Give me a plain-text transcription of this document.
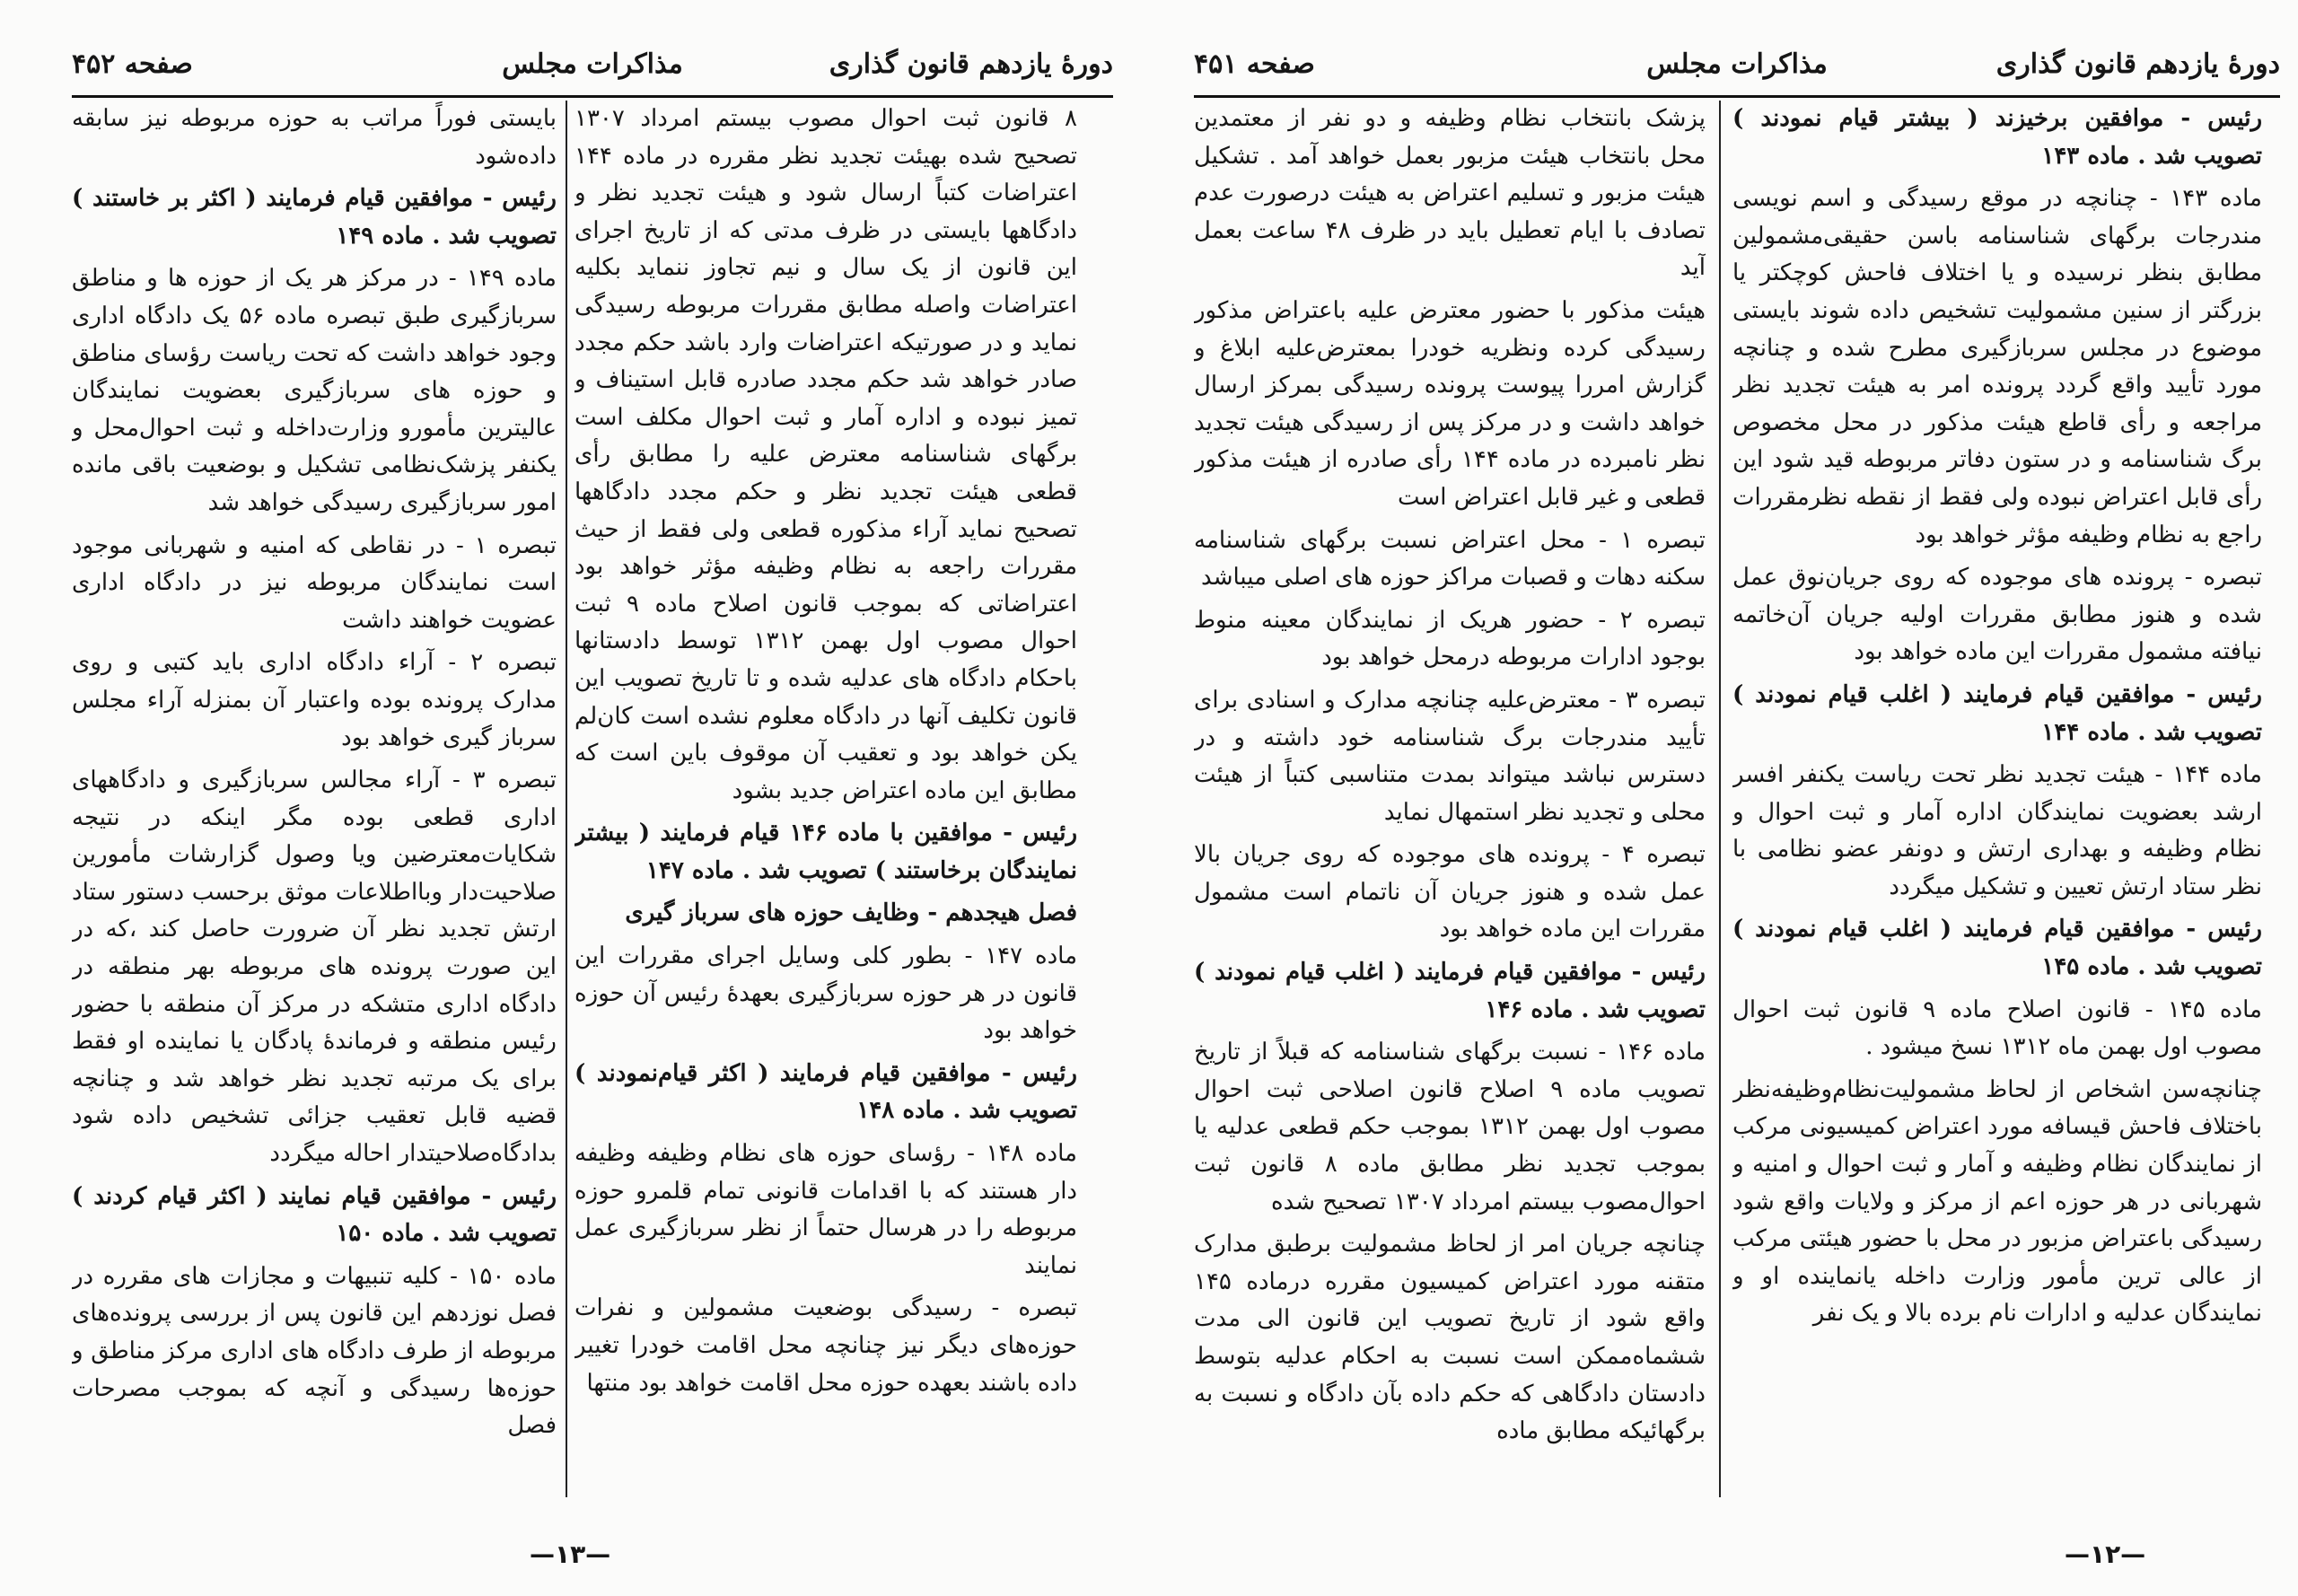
دورهٔ یازدهم قانون گذاری
مذاکرات مجلس
صفحه ۴۵۲

۸ قانون ثبت احوال مصوب بیستم امرداد ۱۳۰۷ تصحیح شده بهیئت تجدید نظر مقرره در ماده ۱۴۴ اعتراضات کتباً ارسال شود و هیئت تجدید نظر و دادگاهها بایستی در ظرف مدتی که از تاریخ اجرای این قانون از یک سال و نیم تجاوز ننماید بکلیه اعتراضات واصله مطابق مقررات مربوطه رسیدگی نماید و در صورتیکه اعتراضات وارد باشد حکم مجدد صادر خواهد شد حکم مجدد صادره قابل استیناف و تمیز نبوده و اداره آمار و ثبت احوال مکلف است برگهای شناسنامه معترض علیه را مطابق رأی قطعی هیئت تجدید نظر و حکم مجدد دادگاهها تصحیح نماید آراء مذکوره قطعی ولی فقط از حیث مقررات راجعه به نظام وظیفه مؤثر خواهد بود اعتراضاتی که بموجب قانون اصلاح ماده ۹ ثبت احوال مصوب اول بهمن ۱۳۱۲ توسط دادستانها باحکام دادگاه های عدلیه شده و تا تاریخ تصویب این قانون تکلیف آنها در دادگاه معلوم نشده است کان‌لم یکن خواهد بود و تعقیب آن موقوف باین است که مطابق این ماده اعتراض جدید بشود

رئیس - موافقین با ماده ۱۴۶ قیام فرمایند ( بیشتر نمایندگان برخاستند ) تصویب شد . ماده ۱۴۷

فصل هیجدهم - وظایف حوزه های سرباز گیری

ماده ۱۴۷ - بطور کلی وسایل اجرای مقررات این قانون در هر حوزه سربازگیری بعهدهٔ رئیس آن حوزه خواهد بود

رئیس - موافقین قیام فرمایند ( اکثر قیام‌نمودند ) تصویب شد . ماده ۱۴۸

ماده ۱۴۸ - رؤسای حوزه های نظام وظیفه وظیفه دار هستند که با اقدامات قانونی تمام قلمرو حوزه مربوطه را در هرسال حتماً از نظر سربازگیری عمل نمایند

تبصره - رسیدگی بوضعیت مشمولین و نفرات حوزه‌های دیگر نیز چنانچه محل اقامت خودرا تغییر داده باشند بعهده حوزه محل اقامت خواهد بود منتها

بایستی فوراً مراتب به حوزه مربوطه نیز سابقه داده‌شود

رئیس - موافقین قیام فرمایند ( اکثر بر خاستند ) تصویب شد . ماده ۱۴۹

ماده ۱۴۹ - در مرکز هر یک از حوزه ها و مناطق سربازگیری طبق تبصره ماده ۵۶ یک دادگاه اداری وجود خواهد داشت که تحت ریاست رؤسای مناطق و حوزه های سربازگیری بعضویت نمایندگان عالیترین مأمورو وزارت‌داخله و ثبت احوال‌محل و یکنفر پزشک‌نظامی تشکیل و بوضعیت باقی مانده امور سربازگیری رسیدگی خواهد شد

تبصره ۱ - در نقاطی که امنیه و شهربانی موجود است نمایندگان مربوطه نیز در دادگاه اداری عضویت خواهند داشت

تبصره ۲ - آراء دادگاه اداری باید کتبی و روی مدارک پرونده بوده واعتبار آن بمنزله آراء مجلس سرباز گیری خواهد بود

تبصره ۳ - آراء مجالس سربازگیری و دادگاههای اداری قطعی بوده مگر اینکه در نتیجه شکایات‌معترضین ویا وصول گزارشات مأمورین صلاحیت‌دار وبااطلاعات موثق برحسب دستور ستاد ارتش تجدید نظر آن ضرورت حاصل کند ،که در این صورت پرونده های مربوطه بهر منطقه در دادگاه اداری متشکه در مرکز آن منطقه با حضور رئیس منطقه و فرماندهٔ پادگان یا نماینده او فقط برای یک مرتبه تجدید نظر خواهد شد و چنانچه قضیه قابل تعقیب جزائی تشخیص داده شود بدادگاه‌صلاحیتدار احاله میگردد

رئیس - موافقین قیام نمایند ( اکثر قیام کردند ) تصویب شد . ماده ۱۵۰

ماده ۱۵۰ - کلیه تنبیهات و مجازات های مقرره در فصل نوزدهم این قانون پس از بررسی پرونده‌های مربوطه از طرف دادگاه های اداری مرکز مناطق و حوزه‌ها رسیدگی و آنچه که بموجب مصرحات فصل

—۱۳—
دورهٔ یازدهم قانون گذاری
مذاکرات مجلس
صفحه ۴۵۱

رئیس - موافقین برخیزند ( بیشتر قیام نمودند ) تصویب شد . ماده ۱۴۳

ماده ۱۴۳ - چنانچه در موقع رسیدگی و اسم نویسی مندرجات برگهای شناسنامه باسن حقیقی‌مشمولین مطابق بنظر نرسیده و یا اختلاف فاحش کوچکتر یا بزرگتر از سنین مشمولیت تشخیص داده شوند بایستی موضوع در مجلس سربازگیری مطرح شده و چنانچه مورد تأیید واقع گردد پرونده امر به هیئت تجدید نظر مراجعه و رأی قاطع هیئت مذکور در محل مخصوص برگ شناسنامه و در ستون دفاتر مربوطه قید شود این رأی قابل اعتراض نبوده ولی فقط از نقطه نظرمقررات راجع به نظام وظیفه مؤثر خواهد بود

تبصره - پرونده های موجوده که روی جریان‌نوق عمل شده و هنوز مطابق مقررات اولیه جریان آن‌خاتمه نیافته مشمول مقررات این ماده خواهد بود

رئیس - موافقین قیام فرمایند ( اغلب قیام نمودند ) تصویب شد . ماده ۱۴۴

ماده ۱۴۴ - هیئت تجدید نظر تحت ریاست یکنفر افسر ارشد بعضویت نمایندگان اداره آمار و ثبت احوال و نظام وظیفه و بهداری ارتش و دونفر عضو نظامی با نظر ستاد ارتش تعیین و تشکیل میگردد

رئیس - موافقین قیام فرمایند ( اغلب قیام نمودند ) تصویب شد . ماده ۱۴۵

ماده ۱۴۵ - قانون اصلاح ماده ۹ قانون ثبت احوال مصوب اول بهمن ماه ۱۳۱۲ نسخ میشود .

چنانچه‌سن اشخاص از لحاظ مشمولیت‌نظام‌وظیفه‌نظر باختلاف فاحش قیسافه مورد اعتراض کمیسیونی مرکب از نمایندگان نظام وظیفه و آمار و ثبت احوال و امنیه و شهربانی در هر حوزه اعم از مرکز و ولایات واقع شود رسیدگی باعتراض مزبور در محل با حضور هیئتی مرکب از عالی ترین مأمور وزارت داخله یانماینده او و نمایندگان عدلیه و ادارات نام برده بالا و یک نفر

پزشک بانتخاب نظام وظیفه و دو نفر از معتمدین محل بانتخاب هیئت مزبور بعمل خواهد آمد . تشکیل هیئت مزبور و تسلیم اعتراض به هیئت درصورت عدم تصادف با ایام تعطیل باید در ظرف ۴۸ ساعت بعمل آید

هیئت مذکور با حضور معترض علیه باعتراض مذکور رسیدگی کرده ونظریه خودرا بمعترض‌علیه ابلاغ و گزارش امررا پیوست پرونده رسیدگی بمرکز ارسال خواهد داشت و در مرکز پس از رسیدگی هیئت تجدید نظر نامبرده در ماده ۱۴۴ رأی صادره از هیئت مذکور قطعی و غیر قابل اعتراض است

تبصره ۱ - محل اعتراض نسبت برگهای شناسنامه سکنه دهات و قصبات مراکز حوزه های اصلی میباشد

تبصره ۲ - حضور هریک از نمایندگان معینه منوط بوجود ادارات مربوطه درمحل خواهد بود

تبصره ۳ - معترض‌علیه چنانچه مدارک و اسنادی برای تأیید مندرجات برگ شناسنامه خود داشته و در دسترس نباشد میتواند بمدت متناسبی کتباً از هیئت محلی و تجدید نظر استمهال نماید

تبصره ۴ - پرونده های موجوده که روی جریان بالا عمل شده و هنوز جریان آن ناتمام است مشمول مقررات این ماده خواهد بود

رئیس - موافقین قیام فرمایند ( اغلب قیام نمودند ) تصویب شد . ماده ۱۴۶

ماده ۱۴۶ - نسبت برگهای شناسنامه که قبلاً از تاریخ تصویب ماده ۹ اصلاح قانون اصلاحی ثبت احوال مصوب اول بهمن ۱۳۱۲ بموجب حکم قطعی عدلیه یا بموجب تجدید نظر مطابق ماده ۸ قانون ثبت احوال‌مصوب بیستم امرداد ۱۳۰۷ تصحیح شده

چنانچه جریان امر از لحاظ مشمولیت برطبق مدارک متقنه مورد اعتراض کمیسیون مقرره درماده ۱۴۵ واقع شود از تاریخ تصویب این قانون الی مدت ششماه‌ممکن است نسبت به احکام عدلیه بتوسط دادستان دادگاهی که حکم داده بآن دادگاه و نسبت به برگهائیکه مطابق ماده

—۱۲—
